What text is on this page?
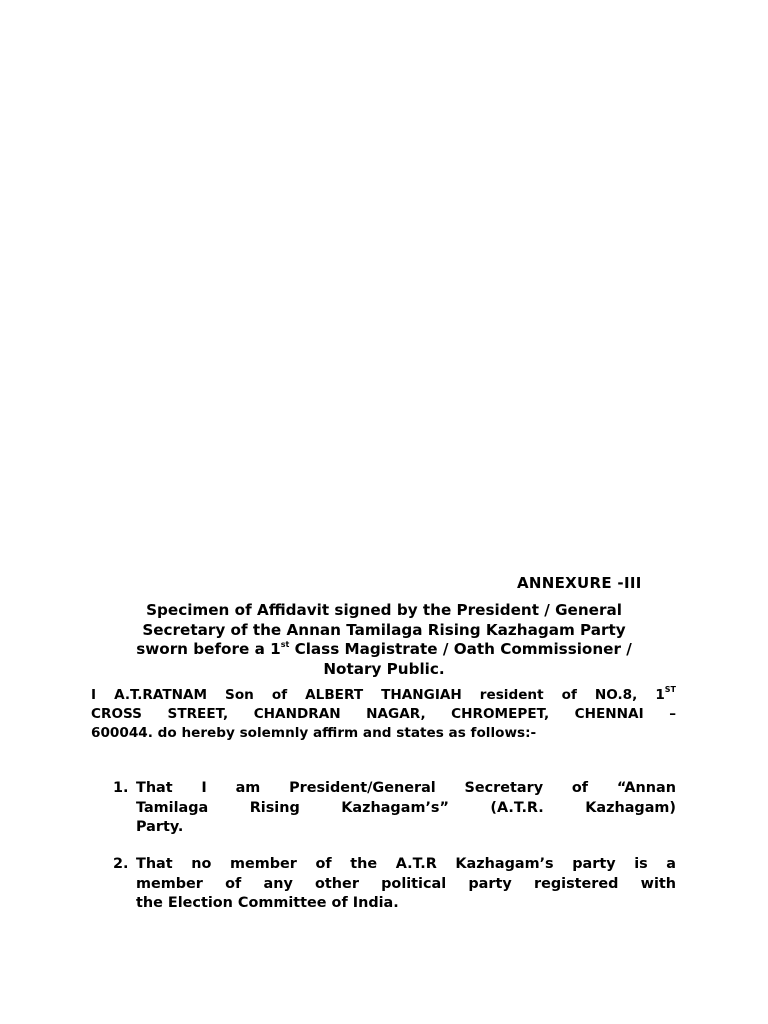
ANNEXURE -III
Specimen of Affidavit signed by the President / General
Secretary of the Annan Tamilaga Rising Kazhagam Party
sworn before a 1st Class Magistrate / Oath Commissioner /
Notary Public.
I A.T.RATNAM Son of ALBERT THANGIAH resident of NO.8, 1ST
CROSS STREET, CHANDRAN NAGAR, CHROMEPET, CHENNAI –
600044. do hereby solemnly affirm and states as follows:-
1. That I am President/General Secretary of “Annan
Tamilaga Rising Kazhagam’s” (A.T.R. Kazhagam)
Party.
2. That no member of the A.T.R Kazhagam’s party is a
member of any other political party registered with
the Election Committee of India.
